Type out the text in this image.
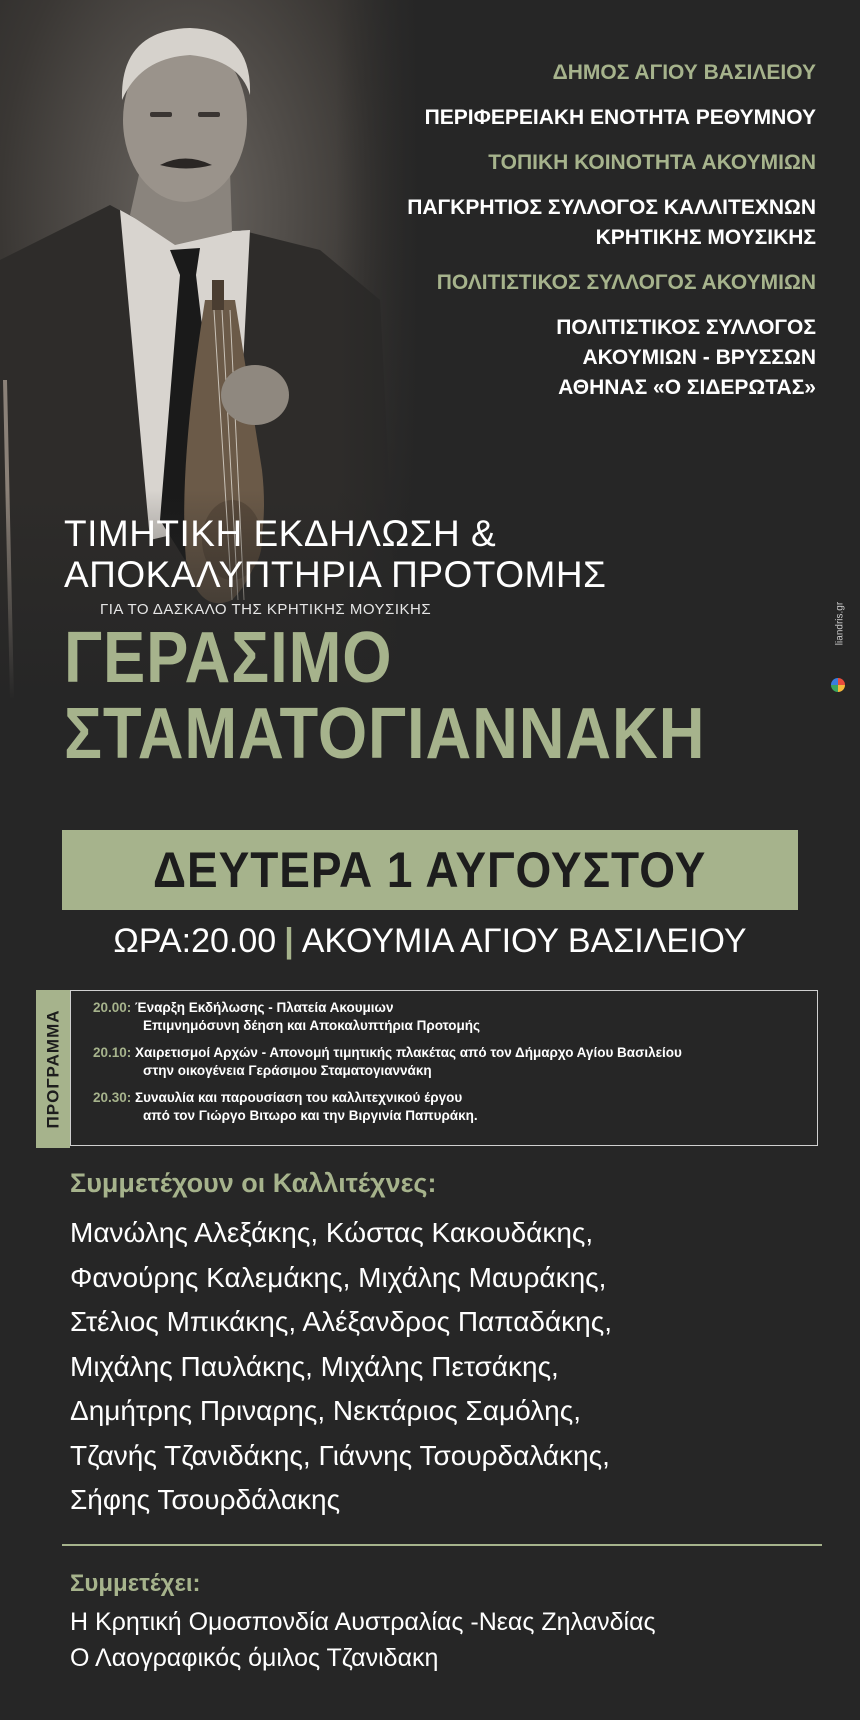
ΔΗΜΟΣ ΑΓΙΟΥ ΒΑΣΙΛΕΙΟΥ
ΠΕΡΙΦΕΡΕΙΑΚΗ ΕΝΟΤΗΤΑ ΡΕΘΥΜΝΟΥ
ΤΟΠΙΚΗ ΚΟΙΝΟΤΗΤΑ ΑΚΟΥΜΙΩΝ
ΠΑΓΚΡΗΤΙΟΣ ΣΥΛΛΟΓΟΣ ΚΑΛΛΙΤΕΧΝΩΝ
ΚΡΗΤΙΚΗΣ ΜΟΥΣΙΚΗΣ
ΠΟΛΙΤΙΣΤΙΚΟΣ ΣΥΛΛΟΓΟΣ ΑΚΟΥΜΙΩΝ
ΠΟΛΙΤΙΣΤΙΚΟΣ ΣΥΛΛΟΓΟΣ
ΑΚΟΥΜΙΩΝ - ΒΡΥΣΣΩΝ
ΑΘΗΝΑΣ «Ο ΣΙΔΕΡΩΤΑΣ»
ΤΙΜΗΤΙΚΗ ΕΚΔΗΛΩΣΗ &
ΑΠΟΚΑΛΥΠΤΗΡΙΑ ΠΡΟΤΟΜΗΣ
ΓΙΑ ΤΟ ΔΑΣΚΑΛΟ ΤΗΣ ΚΡΗΤΙΚΗΣ ΜΟΥΣΙΚΗΣ
ΓΕΡΑΣΙΜΟ
ΣΤΑΜΑΤΟΓΙΑΝΝΑΚΗ
ΔΕΥΤΕΡΑ 1 ΑΥΓΟΥΣΤΟΥ
ΩΡΑ:20.00 | ΑΚΟΥΜΙΑ ΑΓΙΟΥ ΒΑΣΙΛΕΙΟΥ
ΠΡΟΓΡΑΜΜΑ
20.00: Έναρξη Εκδήλωσης - Πλατεία Ακουμιων
Επιμνημόσυνη δέηση και Αποκαλυπτήρια Προτομής
20.10: Χαιρετισμοί Αρχών - Απονομή τιμητικής πλακέτας από τον Δήμαρχο Αγίου Βασιλείου
στην οικογένεια Γεράσιμου Σταματογιαννάκη
20.30: Συναυλία και παρουσίαση του καλλιτεχνικού έργου
από τον Γιώργο Βιτωρο και την Βιργινία Παπυράκη.
Συμμετέχουν οι Καλλιτέχνες:
Μανώλης Αλεξάκης, Κώστας Κακουδάκης,
Φανούρης Καλεμάκης, Μιχάλης Μαυράκης,
Στέλιος Μπικάκης, Αλέξανδρος Παπαδάκης,
Μιχάλης Παυλάκης, Μιχάλης Πετσάκης,
Δημήτρης Πριναρης, Νεκτάριος Σαμόλης,
Τζανής Τζανιδάκης, Γιάννης Τσουρδαλάκης,
Σήφης Τσουρδάλακης
Συμμετέχει:
Η Κρητική Ομοσπονδία Αυστραλίας -Νεας Ζηλανδίας
Ο Λαογραφικός όμιλος Τζανιδακη
liandris.gr
